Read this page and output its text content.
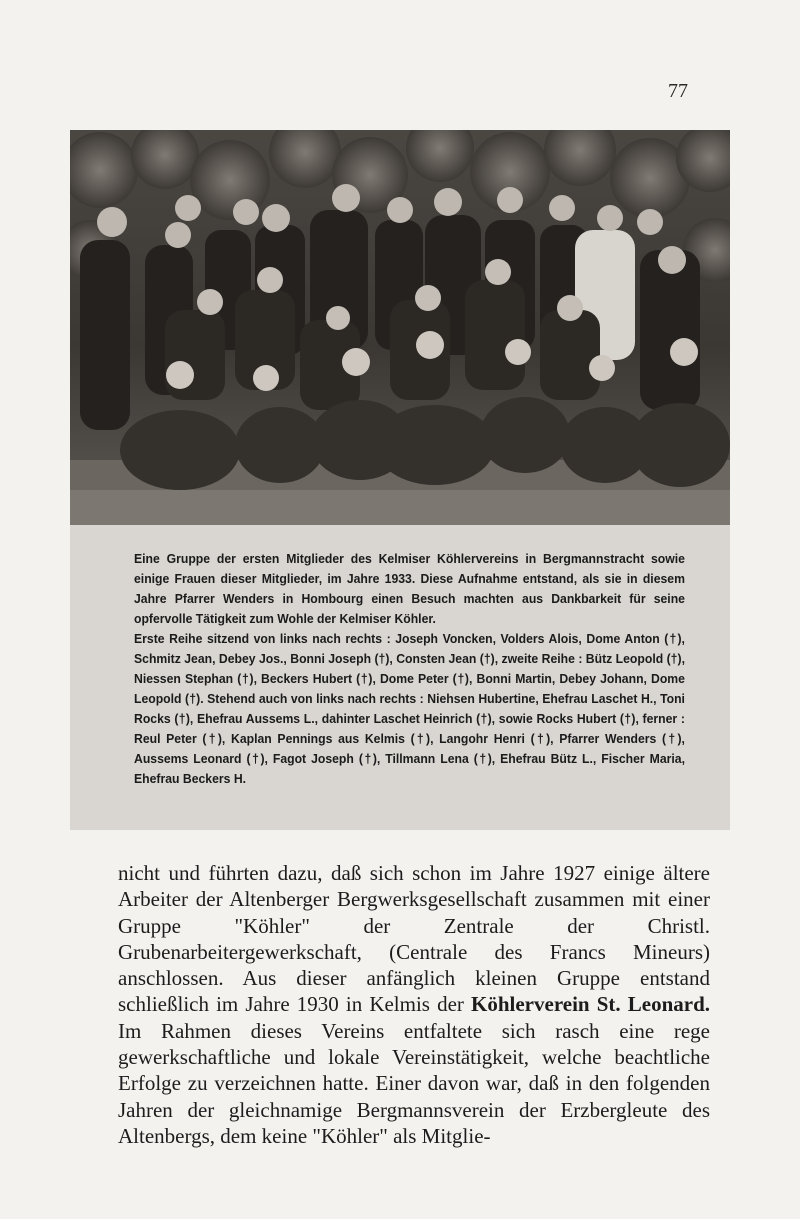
77

Eine Gruppe der ersten Mitglieder des Kelmiser Köhlervereins in Bergmannstracht sowie einige Frauen dieser Mitglieder, im Jahre 1933. Diese Aufnahme entstand, als sie in diesem Jahre Pfarrer Wenders in Hombourg einen Besuch machten aus Dankbarkeit für seine opfervolle Tätigkeit zum Wohle der Kelmiser Köhler.

Erste Reihe sitzend von links nach rechts : Joseph Voncken, Volders Alois, Dome Anton (†), Schmitz Jean, Debey Jos., Bonni Joseph (†), Consten Jean (†), zweite Reihe : Bütz Leopold (†), Niessen Stephan (†), Beckers Hubert (†), Dome Peter (†), Bonni Martin, Debey Johann, Dome Leopold (†). Stehend auch von links nach rechts : Niehsen Hubertine, Ehefrau Laschet H., Toni Rocks (†), Ehefrau Aussems L., dahinter Laschet Heinrich (†), sowie Rocks Hubert (†), ferner : Reul Peter (†), Kaplan Pennings aus Kelmis (†), Langohr Henri (†), Pfarrer Wenders (†), Aussems Leonard (†), Fagot Joseph (†), Tillmann Lena (†), Ehefrau Bütz L., Fischer Maria, Ehefrau Beckers H.

nicht und führten dazu, daß sich schon im Jahre 1927 einige ältere Arbeiter der Altenberger Bergwerksgesellschaft zusammen mit einer Gruppe "Köhler" der Zentrale der Christl. Grubenarbeitergewerkschaft, (Centrale des Francs Mineurs) anschlossen. Aus dieser anfänglich kleinen Gruppe entstand schließlich im Jahre 1930 in Kelmis der Köhlerverein St. Leonard. Im Rahmen dieses Vereins entfaltete sich rasch eine rege gewerkschaftliche und lokale Vereinstätigkeit, welche beachtliche Erfolge zu verzeichnen hatte. Einer davon war, daß in den folgenden Jahren der gleichnamige Bergmannsverein der Erzbergleute des Altenbergs, dem keine "Köhler" als Mitglie-
